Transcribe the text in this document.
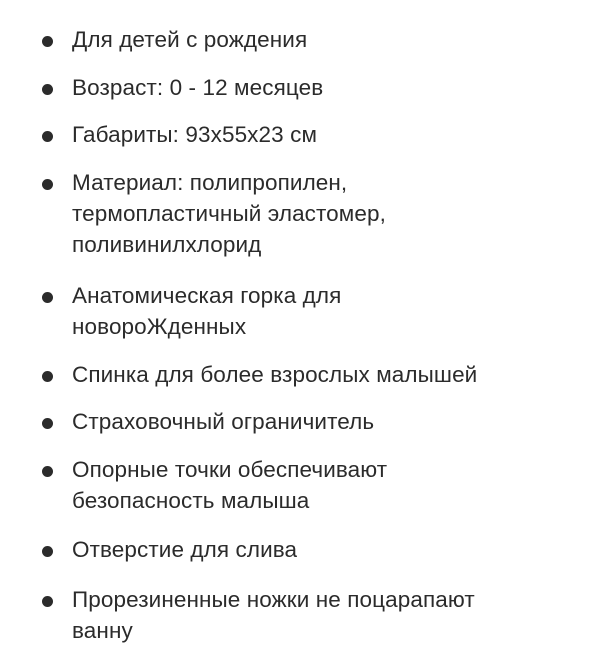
Для детей с рождения
Возраст: 0 - 12 месяцев
Габариты: 93х55х23 см
Материал: полипропилен,
термопластичный эластомер,
поливинилхлорид
Анатомическая горка для
новороЖденных
Спинка для более взрослых малышей
Страховочный ограничитель
Опорные точки обеспечивают
безопасность малыша
Отверстие для слива
Прорезиненные ножки не поцарапают
ванну
